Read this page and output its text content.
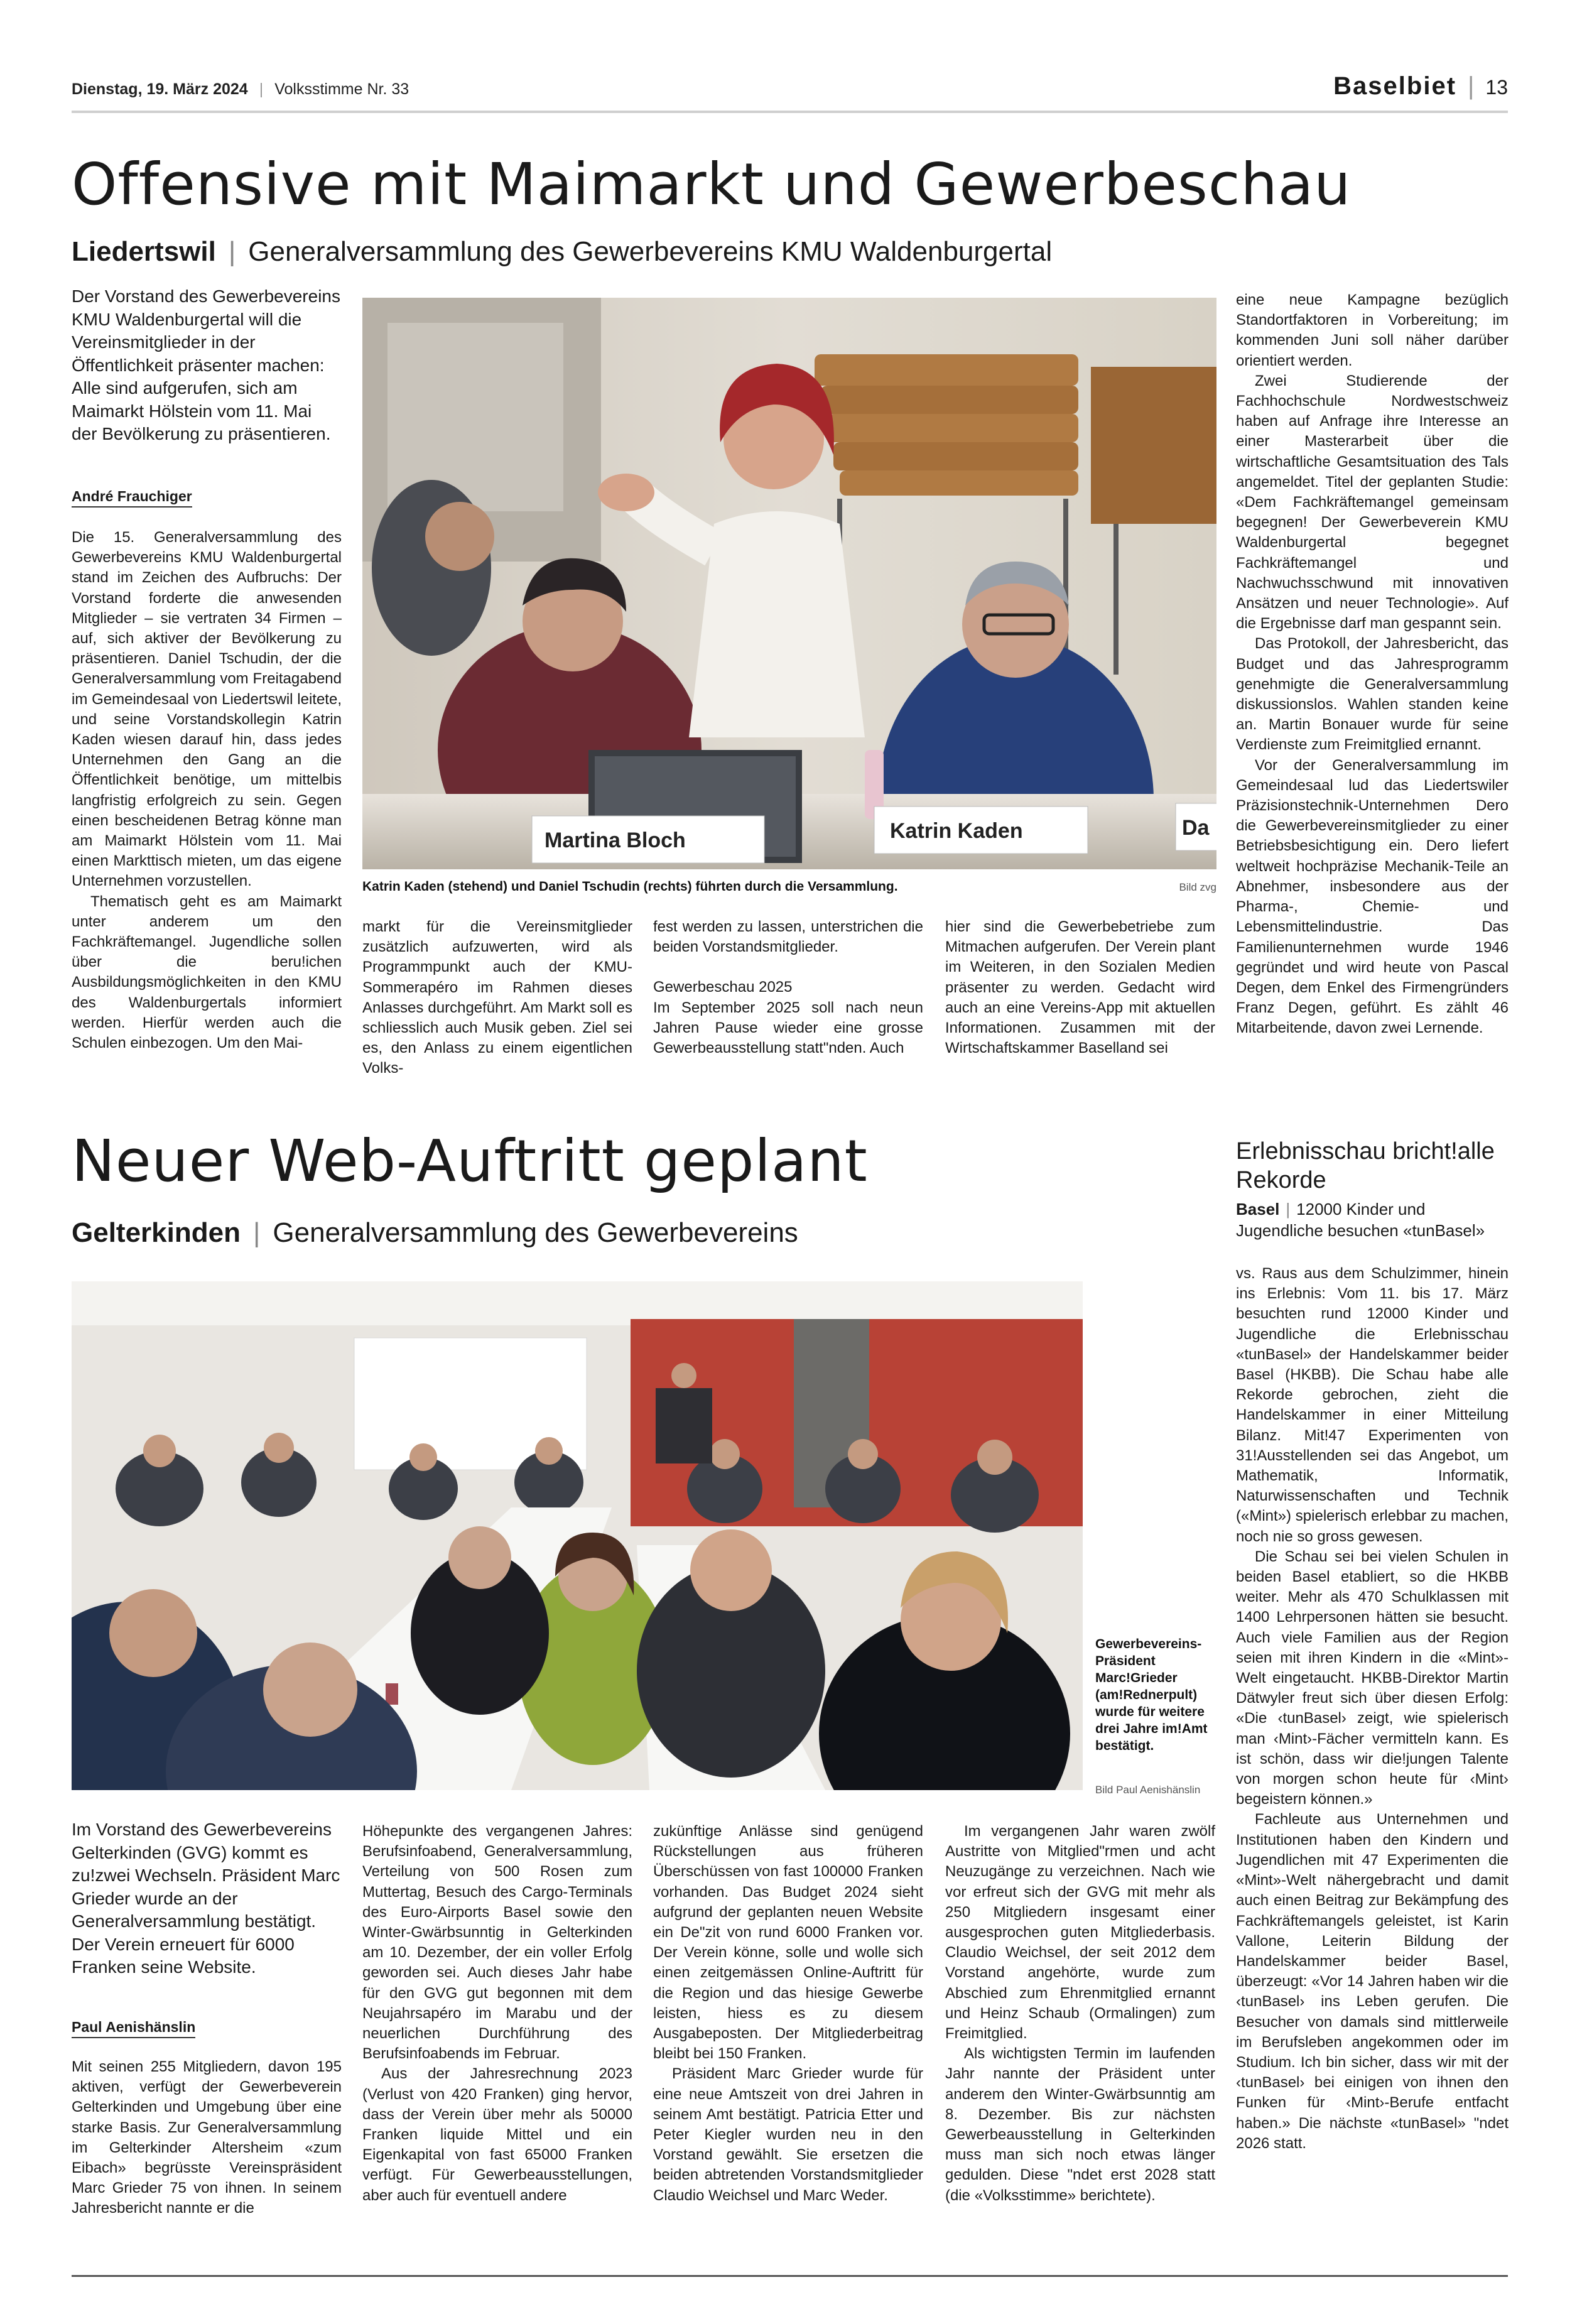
Dienstag, 19. März 2024 | Volksstimme Nr. 33	Baselbiet | 13
Offensive mit Maimarkt und Gewerbeschau
Liedertswil | Generalversammlung des Gewerbevereins KMU Waldenburgertal
Der Vorstand des Gewerbevereins KMU Waldenburgertal will die Vereinsmitglieder in der Öffentlichkeit präsenter machen: Alle sind aufgerufen, sich am Maimarkt Hölstein vom 11. Mai der Bevölkerung zu präsentieren.
André Frauchiger

Die 15. Generalversammlung des Gewerbevereins KMU Waldenburgertal stand im Zeichen des Aufbruchs: Der Vorstand forderte die anwesenden Mitglieder – sie vertraten 34 Firmen – auf, sich aktiver der Bevölkerung zu präsentieren. Daniel Tschudin, der die Generalversammlung vom Freitagabend im Gemeindesaal von Liedertswil leitete, und seine Vorstandskollegin Katrin Kaden wiesen darauf hin, dass jedes Unternehmen den Gang an die Öffentlichkeit benötige, um mittelbis langfristig erfolgreich zu sein. Gegen einen bescheidenen Betrag könne man am Maimarkt Hölstein vom 11. Mai einen Markttisch mieten, um das eigene Unternehmen vorzustellen.

Thematisch geht es am Maimarkt unter anderem um den Fachkräftemangel. Jugendliche sollen über die beru!ichen Ausbildungsmöglichkeiten in den KMU des Waldenburgertals informiert werden. Hierfür werden auch die Schulen einbezogen. Um den Mai-

Martina Bloch	Katrin Kaden	Da
Katrin Kaden (stehend) und Daniel Tschudin (rechts) führten durch die Versammlung.	Bild zvg

markt für die Vereinsmitglieder zusätzlich aufzuwerten, wird als Programmpunkt auch der KMU-Sommerapéro im Rahmen dieses Anlasses durchgeführt. Am Markt soll es schliesslich auch Musik geben. Ziel sei es, den Anlass zu einem eigentlichen Volks-

fest werden zu lassen, unterstrichen die beiden Vorstandsmitglieder.

Gewerbeschau 2025

Im September 2025 soll nach neun Jahren Pause wieder eine grosse Gewerbeausstellung statt"nden. Auch

hier sind die Gewerbebetriebe zum Mitmachen aufgerufen. Der Verein plant im Weiteren, in den Sozialen Medien präsenter zu werden. Gedacht wird auch an eine Vereins-App mit aktuellen Informationen. Zusammen mit der Wirtschaftskammer Baselland sei

eine neue Kampagne bezüglich Standortfaktoren in Vorbereitung; im kommenden Juni soll näher darüber orientiert werden.

Zwei Studierende der Fachhochschule Nordwestschweiz haben auf Anfrage ihre Interesse an einer Masterarbeit über die wirtschaftliche Gesamtsituation des Tals angemeldet. Titel der geplanten Studie: «Dem Fachkräftemangel gemeinsam begegnen! Der Gewerbeverein KMU Waldenburgertal begegnet Fachkräftemangel und Nachwuchsschwund mit innovativen Ansätzen und neuer Technologie». Auf die Ergebnisse darf man gespannt sein.

Das Protokoll, der Jahresbericht, das Budget und das Jahresprogramm genehmigte die Generalversammlung diskussionslos. Wahlen standen keine an. Martin Bonauer wurde für seine Verdienste zum Freimitglied ernannt.

Vor der Generalversammlung im Gemeindesaal lud das Liedertswiler Präzisionstechnik-Unternehmen Dero die Gewerbevereinsmitglieder zu einer Betriebsbesichtigung ein. Dero liefert weltweit hochpräzise Mechanik-Teile an Abnehmer, insbesondere aus der Pharma-, Chemie- und Lebensmittelindustrie. Das Familienunternehmen wurde 1946 gegründet und wird heute von Pascal Degen, dem Enkel des Firmengründers Franz Degen, geführt. Es zählt 46 Mitarbeitende, davon zwei Lernende.

Neuer Web-Auftritt geplant
Gelterkinden | Generalversammlung des Gewerbevereins
Gewerbevereins-Präsident Marc!Grieder (am!Rednerpult) wurde für weitere drei Jahre im!Amt bestätigt.
Bild Paul Aenishänslin
Im Vorstand des Gewerbevereins Gelterkinden (GVG) kommt es zu!zwei Wechseln. Präsident Marc Grieder wurde an der Generalversammlung bestätigt. Der Verein erneuert für 6000 Franken seine Website.
Paul Aenishänslin

Mit seinen 255 Mitgliedern, davon 195 aktiven, verfügt der Gewerbeverein Gelterkinden und Umgebung über eine starke Basis. Zur Generalversammlung im Gelterkinder Altersheim «zum Eibach» begrüsste Vereinspräsident Marc Grieder 75 von ihnen. In seinem Jahresbericht nannte er die

Höhepunkte des vergangenen Jahres: Berufsinfoabend, Generalversammlung, Verteilung von 500 Rosen zum Muttertag, Besuch des Cargo-Terminals des Euro-Airports Basel sowie den Winter-Gwärbsunntig in Gelterkinden am 10. Dezember, der ein voller Erfolg geworden sei. Auch dieses Jahr habe für den GVG gut begonnen mit dem Neujahrsapéro im Marabu und der neuerlichen Durchführung des Berufsinfoabends im Februar.

Aus der Jahresrechnung 2023 (Verlust von 420 Franken) ging hervor, dass der Verein über mehr als 50000 Franken liquide Mittel und ein Eigenkapital von fast 65000 Franken verfügt. Für Gewerbeausstellungen, aber auch für eventuell andere

zukünftige Anlässe sind genügend Rückstellungen aus früheren Überschüssen von fast 100000 Franken vorhanden. Das Budget 2024 sieht aufgrund der geplanten neuen Website ein De"zit von rund 6000 Franken vor. Der Verein könne, solle und wolle sich einen zeitgemässen Online-Auftritt für die Region und das hiesige Gewerbe leisten, hiess es zu diesem Ausgabeposten. Der Mitgliederbeitrag bleibt bei 150 Franken.

Präsident Marc Grieder wurde für eine neue Amtszeit von drei Jahren in seinem Amt bestätigt. Patricia Etter und Peter Kiegler wurden neu in den Vorstand gewählt. Sie ersetzen die beiden abtretenden Vorstandsmitglieder Claudio Weichsel und Marc Weder.

Im vergangenen Jahr waren zwölf Austritte von Mitglied"rmen und acht Neuzugänge zu verzeichnen. Nach wie vor erfreut sich der GVG mit mehr als 250 Mitgliedern insgesamt einer ausgesprochen guten Mitgliederbasis. Claudio Weichsel, der seit 2012 dem Vorstand angehörte, wurde zum Abschied zum Ehrenmitglied ernannt und Heinz Schaub (Ormalingen) zum Freimitglied.

Als wichtigsten Termin im laufenden Jahr nannte der Präsident unter anderem den Winter-Gwärbsunntig am 8. Dezember. Bis zur nächsten Gewerbeausstellung in Gelterkinden muss man sich noch etwas länger gedulden. Diese "ndet erst 2028 statt (die «Volksstimme» berichtete).

Erlebnisschau bricht!alle Rekorde
Basel | 12000 Kinder und Jugendliche besuchen «tunBasel»

vs. Raus aus dem Schulzimmer, hinein ins Erlebnis: Vom 11. bis 17. März besuchten rund 12000 Kinder und Jugendliche die Erlebnisschau «tunBasel» der Handelskammer beider Basel (HKBB). Die Schau habe alle Rekorde gebrochen, zieht die Handelskammer in einer Mitteilung Bilanz. Mit!47 Experimenten von 31!Ausstellenden sei das Angebot, um Mathematik, Informatik, Naturwissenschaften und Technik («Mint») spielerisch erlebbar zu machen, noch nie so gross gewesen.

Die Schau sei bei vielen Schulen in beiden Basel etabliert, so die HKBB weiter. Mehr als 470 Schulklassen mit 1400 Lehrpersonen hätten sie besucht. Auch viele Familien aus der Region seien mit ihren Kindern in die «Mint»-Welt eingetaucht. HKBB-Direktor Martin Dätwyler freut sich über diesen Erfolg: «Die ‹tunBasel› zeigt, wie spielerisch man ‹Mint›-Fächer vermitteln kann. Es ist schön, dass wir die!jungen Talente von morgen schon heute für ‹Mint› begeistern können.»

Fachleute aus Unternehmen und Institutionen haben den Kindern und Jugendlichen mit 47 Experimenten die «Mint»-Welt nähergebracht und damit auch einen Beitrag zur Bekämpfung des Fachkräftemangels geleistet, ist Karin Vallone, Leiterin Bildung der Handelskammer beider Basel, überzeugt: «Vor 14 Jahren haben wir die ‹tunBasel› ins Leben gerufen. Die Besucher von damals sind mittlerweile im Berufsleben angekommen oder im Studium. Ich bin sicher, dass wir mit der ‹tunBasel› bei einigen von ihnen den Funken für ‹Mint›-Berufe entfacht haben.» Die nächste «tunBasel» "ndet 2026 statt.
